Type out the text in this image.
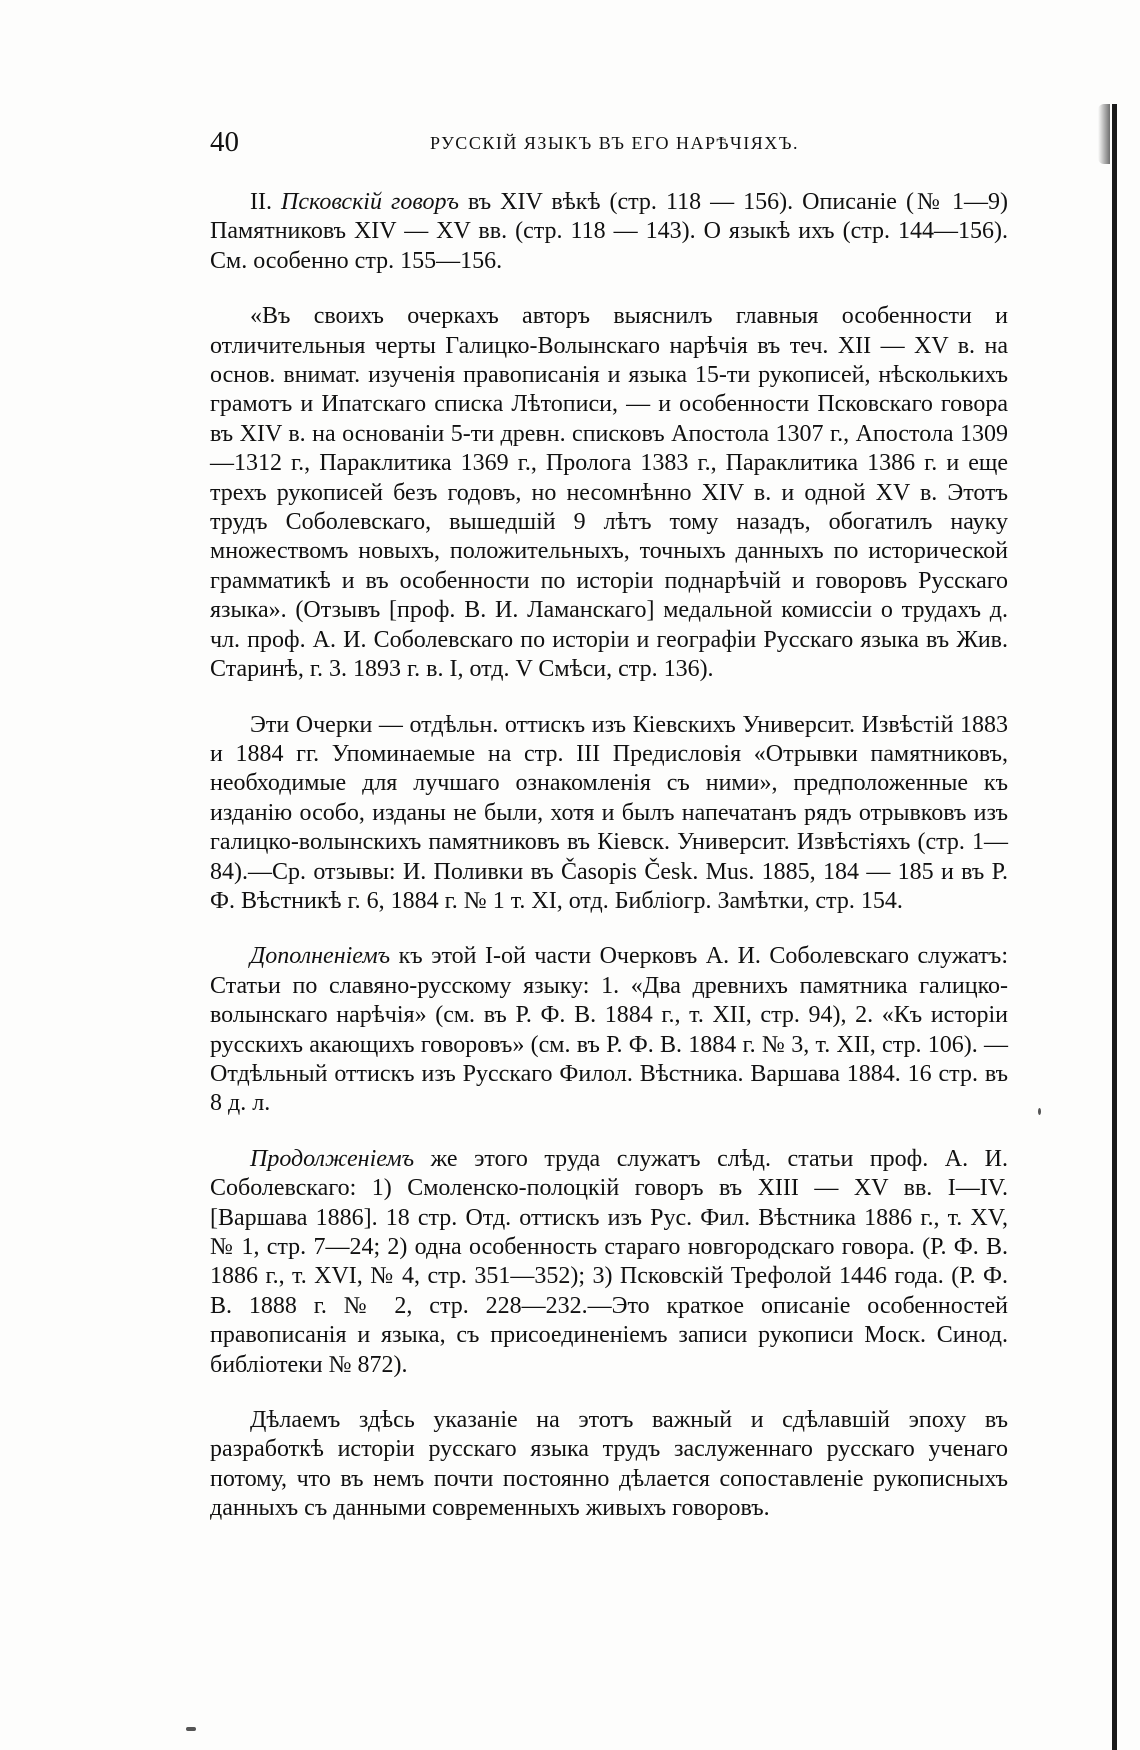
40	РУССКІЙ ЯЗЫКЪ ВЪ ЕГО НАРѢЧІЯХЪ.

II. Псковскій говоръ въ XIV вѣкѣ (стр. 118 — 156). Описаніе (№ 1—9) Памятниковъ XIV — XV вв. (стр. 118 — 143). О языкѣ ихъ (стр. 144—156). См. особенно стр. 155—156.

«Въ своихъ очеркахъ авторъ выяснилъ главныя особенности и отличительныя черты Галицко-Волынскаго нарѣчія въ теч. XII — XV в. на основ. внимат. изученія правописанія и языка 15-ти рукописей, нѣсколькихъ грамотъ и Ипатскаго списка Лѣтописи, — и особенности Псковскаго говора въ XIV в. на основаніи 5-ти древн. списковъ Апостола 1307 г., Апостола 1309 —1312 г., Параклитика 1369 г., Пролога 1383 г., Параклитика 1386 г. и еще трехъ рукописей безъ годовъ, но несомнѣнно XIV в. и одной XV в. Этотъ трудъ Соболевскаго, вышедшій 9 лѣтъ тому назадъ, обогатилъ науку множествомъ новыхъ, положительныхъ, точныхъ данныхъ по исторической грамматикѣ и въ особенности по исторіи поднарѣчій и говоровъ Русскаго языка». (Отзывъ [проф. В. И. Ламанскаго] медальной комиссіи о трудахъ д. чл. проф. А. И. Соболевскаго по исторіи и географіи Русскаго языка въ Жив. Старинѣ, г. 3. 1893 г. в. I, отд. V Смѣси, стр. 136).

Эти Очерки — отдѣльн. оттискъ изъ Кіевскихъ Университ. Извѣстій 1883 и 1884 гг. Упоминаемые на стр. III Предисловія «Отрывки памятниковъ, необходимые для лучшаго ознакомленія съ ними», предположенные къ изданію особо, изданы не были, хотя и былъ напечатанъ рядъ отрывковъ изъ галицко-волынскихъ памятниковъ въ Кіевск. Университ. Извѣстіяхъ (стр. 1—84).—Ср. отзывы: И. Поливки въ Časopis Česk. Mus. 1885, 184 — 185 и въ Р. Ф. Вѣстникѣ г. 6, 1884 г. № 1 т. XI, отд. Библіогр. Замѣтки, стр. 154.

Дополненіемъ къ этой I-ой части Очерковъ А. И. Соболевскаго служатъ: Статьи по славяно-русскому языку: 1. «Два древнихъ памятника галицко-волынскаго нарѣчія» (см. въ Р. Ф. В. 1884 г., т. XII, стр. 94), 2. «Къ исторіи русскихъ акающихъ говоровъ» (см. въ Р. Ф. В. 1884 г. № 3, т. XII, стр. 106). — Отдѣльный оттискъ изъ Русскаго Филол. Вѣстника. Варшава 1884. 16 стр. въ 8 д. л.

Продолженіемъ же этого труда служатъ слѣд. статьи проф. А. И. Соболевскаго: 1) Смоленско-полоцкій говоръ въ XIII — XV вв. I—IV. [Варшава 1886]. 18 стр. Отд. оттискъ изъ Рус. Фил. Вѣстника 1886 г., т. XV, № 1, стр. 7—24; 2) одна особенность стараго новгородскаго говора. (Р. Ф. В. 1886 г., т. XVI, № 4, стр. 351—352); 3) Псковскій Трефолой 1446 года. (Р. Ф. В. 1888 г. № 2, стр. 228—232.—Это краткое описаніе особенностей правописанія и языка, съ присоединеніемъ записи рукописи Моск. Синод. библіотеки № 872).

Дѣлаемъ здѣсь указаніе на этотъ важный и сдѣлавшій эпоху въ разработкѣ исторіи русскаго языка трудъ заслуженнаго русскаго ученаго потому, что въ немъ почти постоянно дѣлается сопоставленіе рукописныхъ данныхъ съ данными современныхъ живыхъ говоровъ.
